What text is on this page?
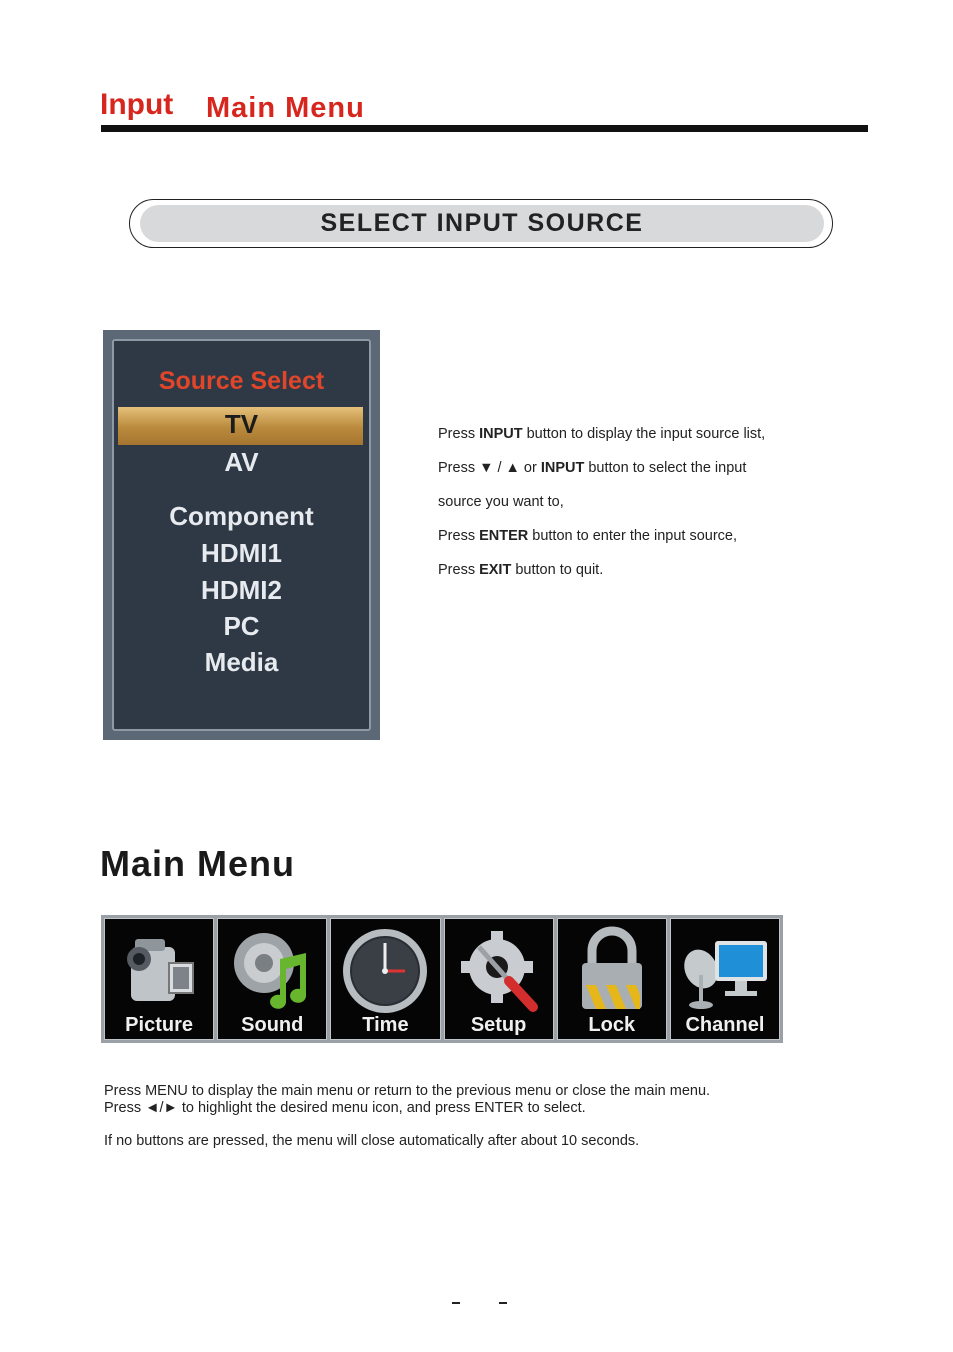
Input Main Menu
SELECT INPUT SOURCE
Source Select
TV
AV
Component
HDMI1
HDMI2
PC
Media
Press INPUT button to display the input source list,
Press ▼ / ▲ or INPUT button to select the input
source you want to,
Press ENTER button to enter the input source,
Press EXIT button to quit.
Main Menu
Picture	Sound	Time	Setup	Lock	Channel
Press MENU to display the main menu or return to the previous menu or close the main menu.
Press ◄/► to highlight the desired menu icon, and press ENTER to select.
If no buttons are pressed, the menu will close automatically after about 10 seconds.
